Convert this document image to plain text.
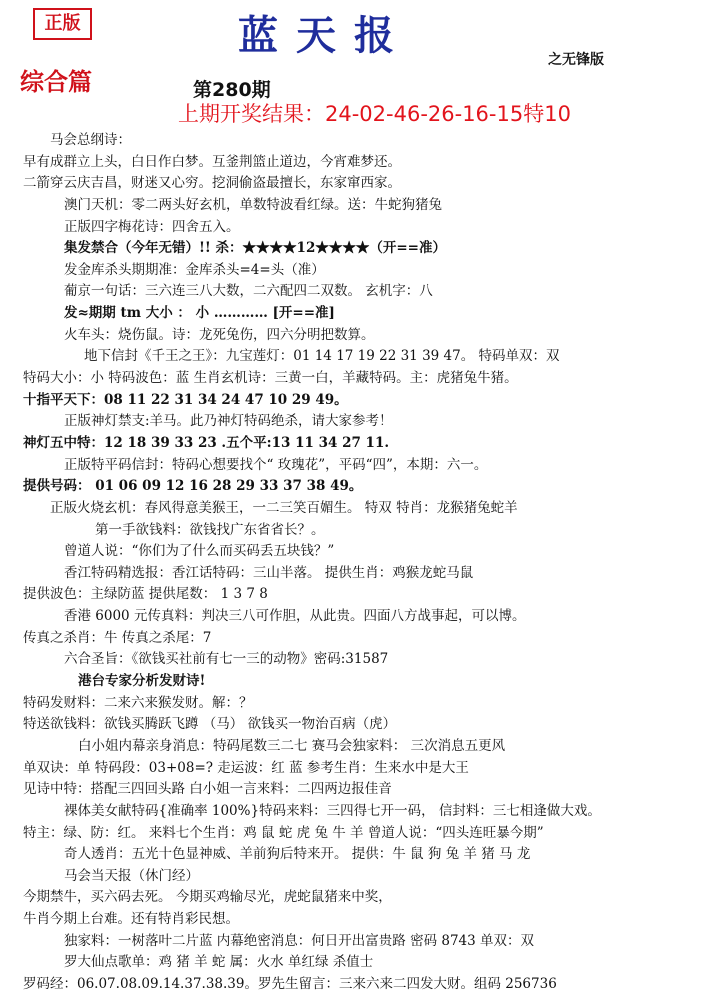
正版	蓝天报
之无锋版
综合篇	第280期
上期开奖结果：24-02-46-26-16-15特10
马会总纲诗：
早有成群立上头，白日作白梦。互釜荆篮止道边，今宵难梦还。
二箭穿云庆吉昌，财迷又心穷。挖洞偷盗最擅长，东家窜西家。
澳门天机：零二两头好玄机，单数特波看红绿。送：牛蛇狗猪兔
正版四字梅花诗：四舍五入。
集发禁合（今年无错）!! 杀：★★★★12★★★★（开==准）
发金库杀头期期准：金库杀头=4=头（准）
葡京一句话：三六连三八大数，二六配四二双数。 玄机字：八
发≈期期 tm 大小 ： 小 ………… [开==准]
火车头：烧伤鼠。诗：龙死兔伤，四六分明把数算。
地下信封《千王之王》：九宝莲灯：01 14 17 19 22 31 39 47。 特码单双：双
特码大小：小 特码波色：蓝 生肖玄机诗：三黄一白，羊藏特码。主：虎猪兔牛猪。
十指平天下：08 11 22 31 34 24 47 10 29 49。
正版神灯禁支:羊马。此乃神灯特码绝杀，请大家参考！
神灯五中特：12 18 39 33 23 .五个平:13 11 34 27 11.
正版特平码信封：特码心想要找个“ 玫瑰花”，平码“四”，本期：六一。
提供号码： 01 06 09 12 16 28 29 33 37 38 49。
正版火烧玄机：春风得意美猴王，一二三笑百媚生。 特双 特肖：龙猴猪兔蛇羊
第一手欲钱料：欲钱找广东省省长？。
曾道人说：“你们为了什么而买码丢五块钱？”
香江特码精选报：香江话特码：三山半落。 提供生肖：鸡猴龙蛇马鼠
提供波色：主绿防蓝 提供尾数： 1 3 7 8
香港 6000 元传真料：判决三八可作胆，从此贵。四面八方战事起，可以博。
传真之杀肖：牛 传真之杀尾：7
六合圣旨：《欲钱买社前有七一三的动物》密码:31587
港台专家分析发财诗!
特码发财料：二来六来猴发财。解：？
特送欲钱料：欲钱买腾跃飞蹲 （马） 欲钱买一物治百病（虎）
白小姐内幕亲身消息：特码尾数三二七 赛马会独家料： 三次消息五更风
单双诀：单 特码段：03+08=? 走运波：红 蓝 参考生肖：生来水中是大王
见诗中特：搭配三四回头路 白小姐一言来料：二四两边报佳音
裸体美女献特码{准确率 100%}特码来料：三四得七开一码， 信封料：三七相逢做大戏。
特主：绿、防：红。 来料七个生肖：鸡 鼠 蛇 虎 兔 牛 羊 曾道人说：“四头连旺暴今期”
奇人透肖：五光十色显神威、羊前狗后特来开。 提供：牛 鼠 狗 兔 羊 猪 马 龙
马会当天报（休门经）
今期禁牛，买六码去死。 今期买鸡输尽光，虎蛇鼠猪来中奖，
牛肖今期上台难。还有特肖彩民想。
独家料：一树落叶二片蓝 内幕绝密消息：何日开出富贵路 密码 8743 单双：双
罗大仙点歌单：鸡 猪 羊 蛇 属：火水 单红绿 杀值士
罗码经：06.07.08.09.14.37.38.39。罗先生留言：三来六来二四发大财。组码 256736
